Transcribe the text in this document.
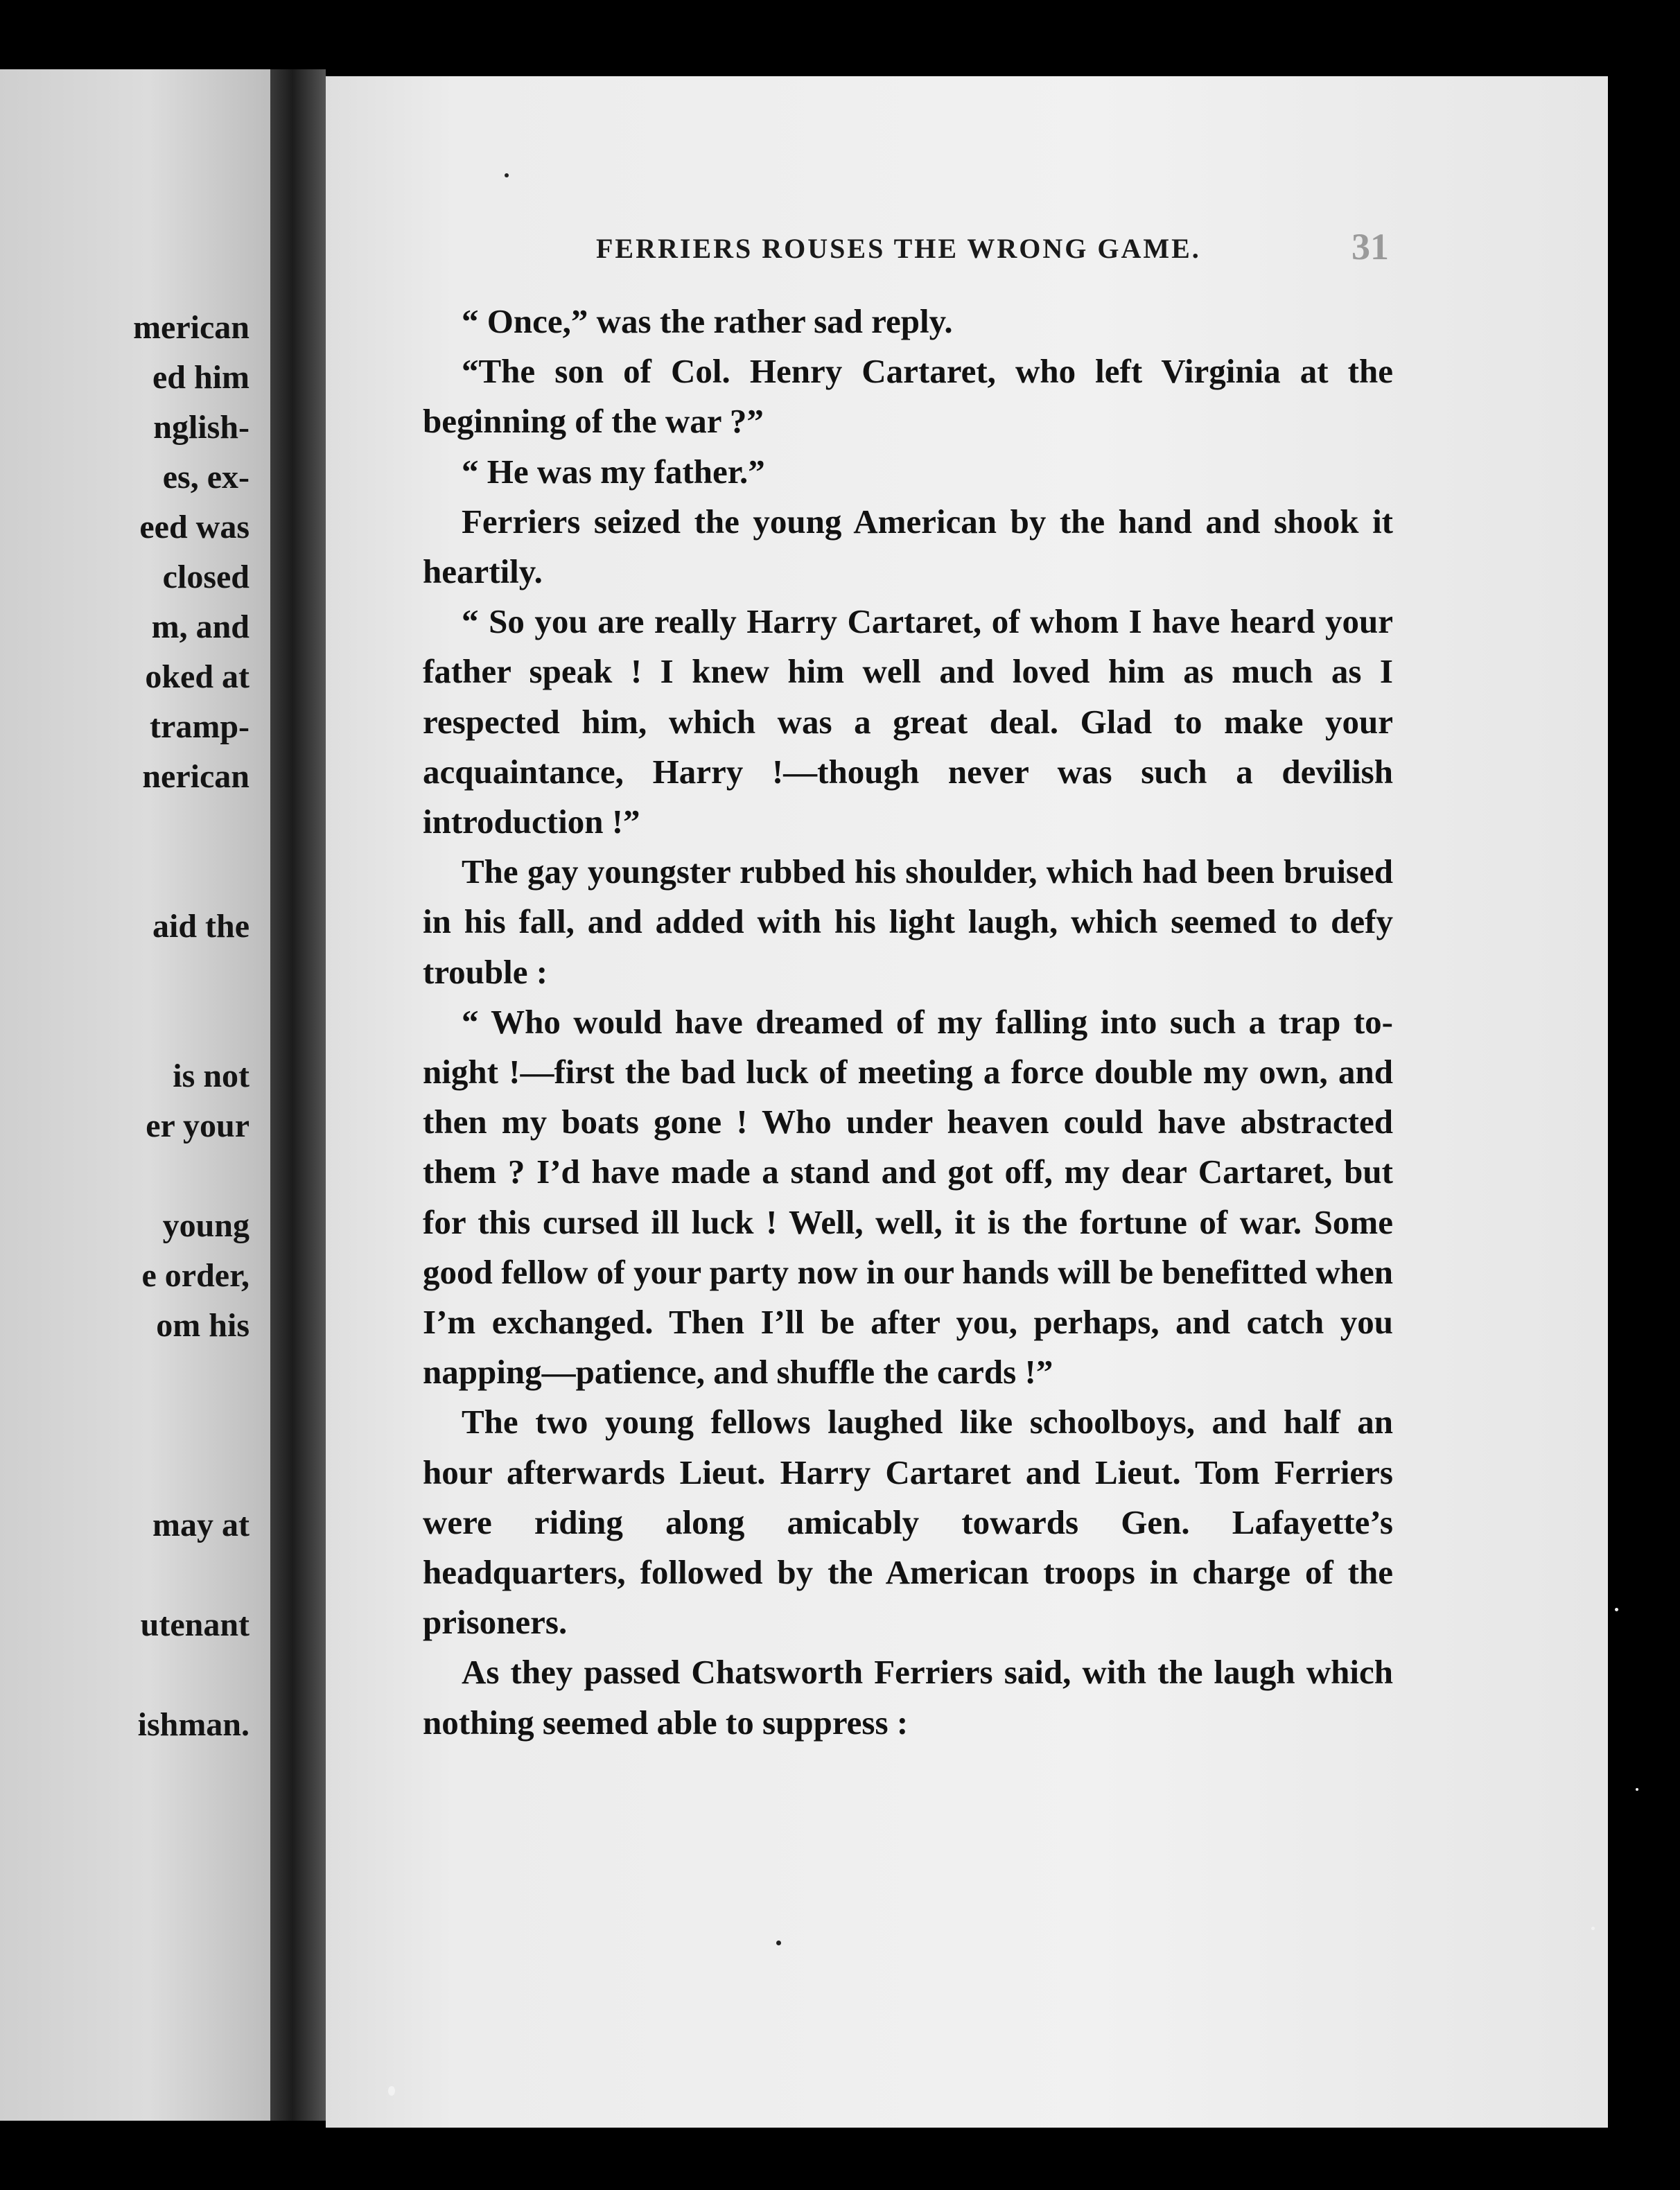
merican
ed him
nglish-
es, ex-
eed was
closed
m, and
oked at
tramp-
nerican
aid the
is not
er your
young
e order,
om his
may at
utenant
ishman.
FERRIERS ROUSES THE WRONG GAME.	31

“ Once,” was the rather sad reply.

“The son of Col. Henry Cartaret, who left Virginia at the beginning of the war ?”

“ He was my father.”

Ferriers seized the young American by the hand and shook it heartily.

“ So you are really Harry Cartaret, of whom I have heard your father speak ! I knew him well and loved him as much as I respected him, which was a great deal. Glad to make your acquaintance, Harry !—though never was such a devilish introduction !”

The gay youngster rubbed his shoulder, which had been bruised in his fall, and added with his light laugh, which seemed to defy trouble :

“ Who would have dreamed of my falling into such a trap to-night !—first the bad luck of meeting a force double my own, and then my boats gone ! Who under heaven could have abstracted them ? I’d have made a stand and got off, my dear Cartaret, but for this cursed ill luck ! Well, well, it is the fortune of war. Some good fellow of your party now in our hands will be benefitted when I’m exchanged. Then I’ll be after you, perhaps, and catch you napping—patience, and shuffle the cards !”

The two young fellows laughed like schoolboys, and half an hour afterwards Lieut. Harry Cartaret and Lieut. Tom Ferriers were riding along amicably towards Gen. Lafayette’s headquarters, followed by the American troops in charge of the prisoners.

As they passed Chatsworth Ferriers said, with the laugh which nothing seemed able to suppress :
